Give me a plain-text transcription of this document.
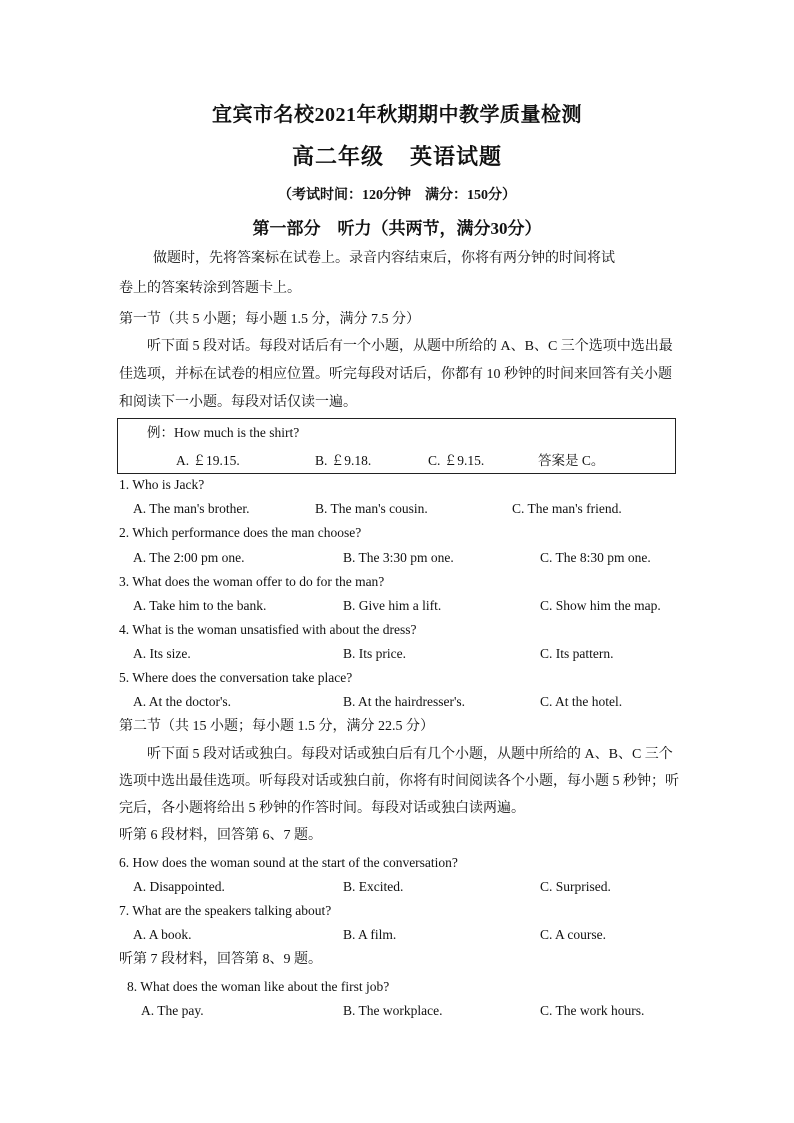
宜宾市名校2021年秋期期中教学质量检测
高二年级 英语试题
（考试时间：120分钟　满分：150分）
第一部分　听力（共两节，满分30分）
做题时，先将答案标在试卷上。录音内容结束后，你将有两分钟的时间将试
卷上的答案转涂到答题卡上。
第一节（共 5 小题；每小题 1.5 分，满分 7.5 分）
听下面 5 段对话。每段对话后有一个小题，从题中所给的 A、B、C 三个选项中选出最
佳选项，并标在试卷的相应位置。听完每段对话后，你都有 10 秒钟的时间来回答有关小题
和阅读下一小题。每段对话仅读一遍。
例：How much is the shirt?
A. ￡19.15.	B. ￡9.18.	C. ￡9.15.	答案是 C。
1. Who is Jack?
A. The man's brother.	B. The man's cousin.	C. The man's friend.
2. Which performance does the man choose?
A. The 2:00 pm one.	B. The 3:30 pm one.	C. The 8:30 pm one.
3. What does the woman offer to do for the man?
A. Take him to the bank.	B. Give him a lift.	C. Show him the map.
4. What is the woman unsatisfied with about the dress?
A. Its size.	B. Its price.	C. Its pattern.
5. Where does the conversation take place?
A. At the doctor's.	B. At the hairdresser's.	C. At the hotel.
第二节（共 15 小题；每小题 1.5 分，满分 22.5 分）
听下面 5 段对话或独白。每段对话或独白后有几个小题，从题中所给的 A、B、C 三个
选项中选出最佳选项。听每段对话或独白前，你将有时间阅读各个小题，每小题 5 秒钟；听
完后，各小题将给出 5 秒钟的作答时间。每段对话或独白读两遍。
听第 6 段材料，回答第 6、7 题。
6. How does the woman sound at the start of the conversation?
A. Disappointed.	B. Excited.	C. Surprised.
7. What are the speakers talking about?
A. A book.	B. A film.	C. A course.
听第 7 段材料，回答第 8、9 题。
8. What does the woman like about the first job?
A. The pay.	B. The workplace.	C. The work hours.
